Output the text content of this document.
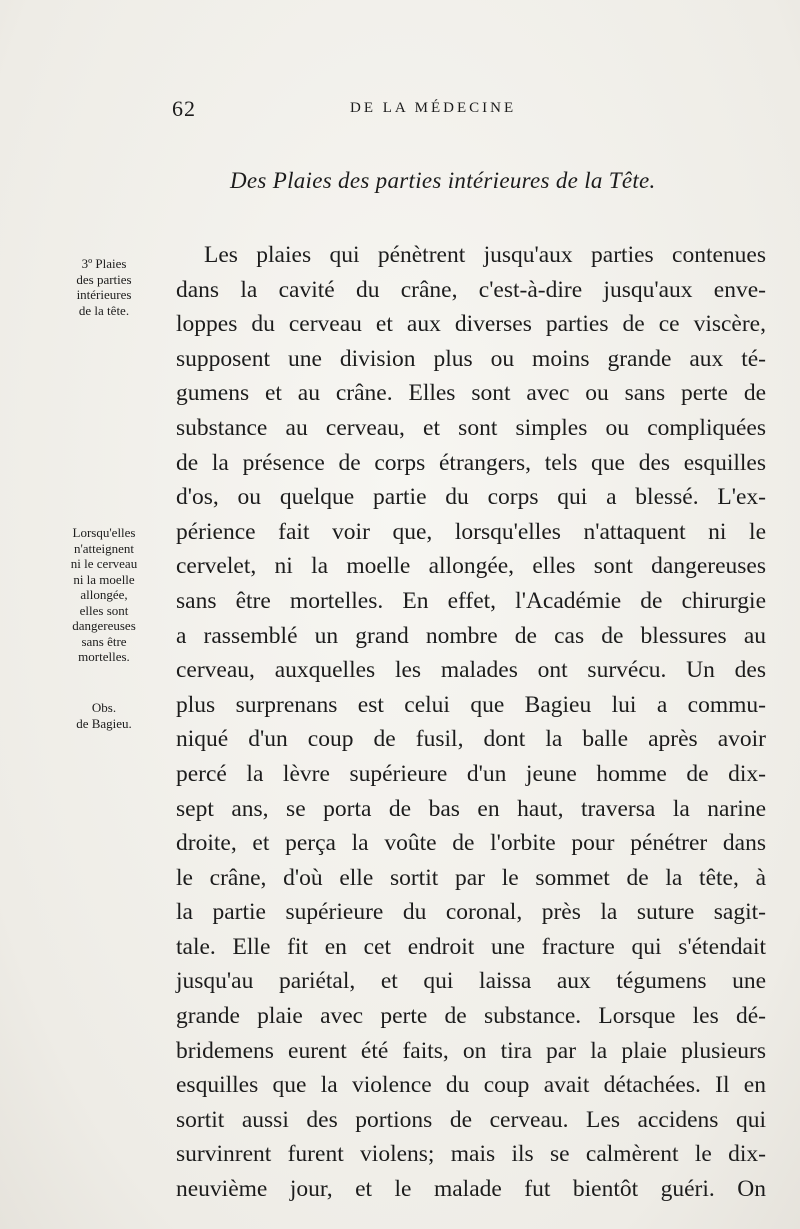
62	DE LA MÉDECINE
Des Plaies des parties intérieures de la Tête.
3º Plaies
des parties
intérieures
de la tête.
Lorsqu'elles
n'atteignent
ni le cerveau
ni la moelle
allongée,
elles sont
dangereuses
sans être
mortelles.
Obs.
de Bagieu.
Les plaies qui pénètrent jusqu'aux parties contenues
dans la cavité du crâne, c'est-à-dire jusqu'aux enve-
loppes du cerveau et aux diverses parties de ce viscère,
supposent une division plus ou moins grande aux té-
gumens et au crâne. Elles sont avec ou sans perte de
substance au cerveau, et sont simples ou compliquées
de la présence de corps étrangers, tels que des esquilles
d'os, ou quelque partie du corps qui a blessé. L'ex-
périence fait voir que, lorsqu'elles n'attaquent ni le
cervelet, ni la moelle allongée, elles sont dangereuses
sans être mortelles. En effet, l'Académie de chirurgie
a rassemblé un grand nombre de cas de blessures au
cerveau, auxquelles les malades ont survécu. Un des
plus surprenans est celui que Bagieu lui a commu-
niqué d'un coup de fusil, dont la balle après avoir
percé la lèvre supérieure d'un jeune homme de dix-
sept ans, se porta de bas en haut, traversa la narine
droite, et perça la voûte de l'orbite pour pénétrer dans
le crâne, d'où elle sortit par le sommet de la tête, à
la partie supérieure du coronal, près la suture sagit-
tale. Elle fit en cet endroit une fracture qui s'étendait
jusqu'au pariétal, et qui laissa aux tégumens une
grande plaie avec perte de substance. Lorsque les dé-
bridemens eurent été faits, on tira par la plaie plusieurs
esquilles que la violence du coup avait détachées. Il en
sortit aussi des portions de cerveau. Les accidens qui
survinrent furent violens; mais ils se calmèrent le dix-
neuvième jour, et le malade fut bientôt guéri. On
